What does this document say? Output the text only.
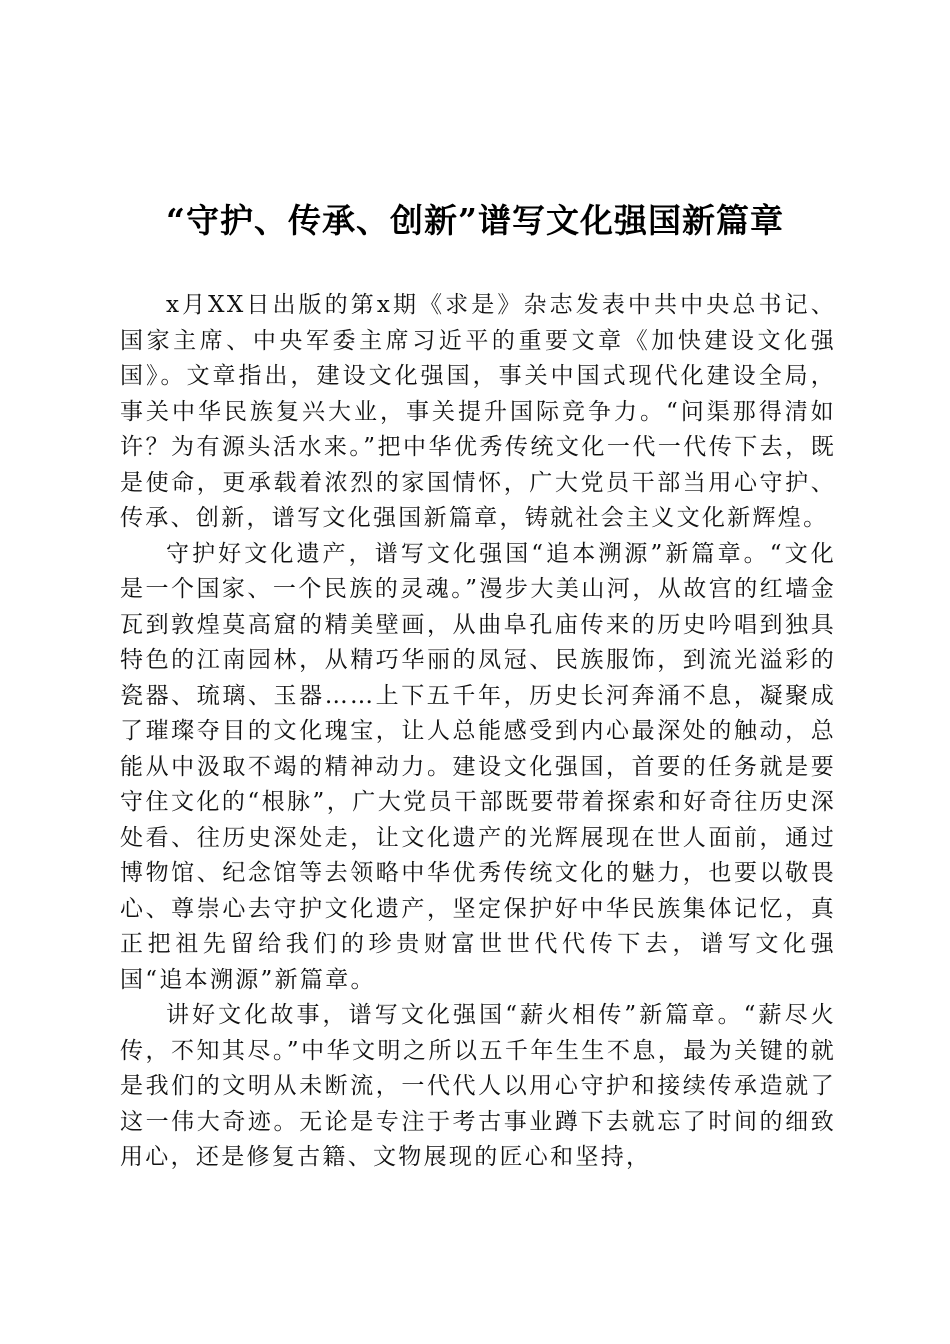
“守护、传承、创新”谱写文化强国新篇章

x月XX日出版的第x期《求是》杂志发表中共中央总书记、国家主席、中央军委主席习近平的重要文章《加快建设文化强国》。文章指出，建设文化强国，事关中国式现代化建设全局，事关中华民族复兴大业，事关提升国际竞争力。“问渠那得清如许？为有源头活水来。”把中华优秀传统文化一代一代传下去，既是使命，更承载着浓烈的家国情怀，广大党员干部当用心守护、传承、创新，谱写文化强国新篇章，铸就社会主义文化新辉煌。

守护好文化遗产，谱写文化强国“追本溯源”新篇章。“文化是一个国家、一个民族的灵魂。”漫步大美山河，从故宫的红墙金瓦到敦煌莫高窟的精美壁画，从曲阜孔庙传来的历史吟唱到独具特色的江南园林，从精巧华丽的凤冠、民族服饰，到流光溢彩的瓷器、琉璃、玉器……上下五千年，历史长河奔涌不息，凝聚成了璀璨夺目的文化瑰宝，让人总能感受到内心最深处的触动，总能从中汲取不竭的精神动力。建设文化强国，首要的任务就是要守住文化的“根脉”，广大党员干部既要带着探索和好奇往历史深处看、往历史深处走，让文化遗产的光辉展现在世人面前，通过博物馆、纪念馆等去领略中华优秀传统文化的魅力，也要以敬畏心、尊崇心去守护文化遗产，坚定保护好中华民族集体记忆，真正把祖先留给我们的珍贵财富世世代代传下去，谱写文化强国“追本溯源”新篇章。

讲好文化故事，谱写文化强国“薪火相传”新篇章。“薪尽火传，不知其尽。”中华文明之所以五千年生生不息，最为关键的就是我们的文明从未断流，一代代人以用心守护和接续传承造就了这一伟大奇迹。无论是专注于考古事业蹲下去就忘了时间的细致用心，还是修复古籍、文物展现的匠心和坚持，
